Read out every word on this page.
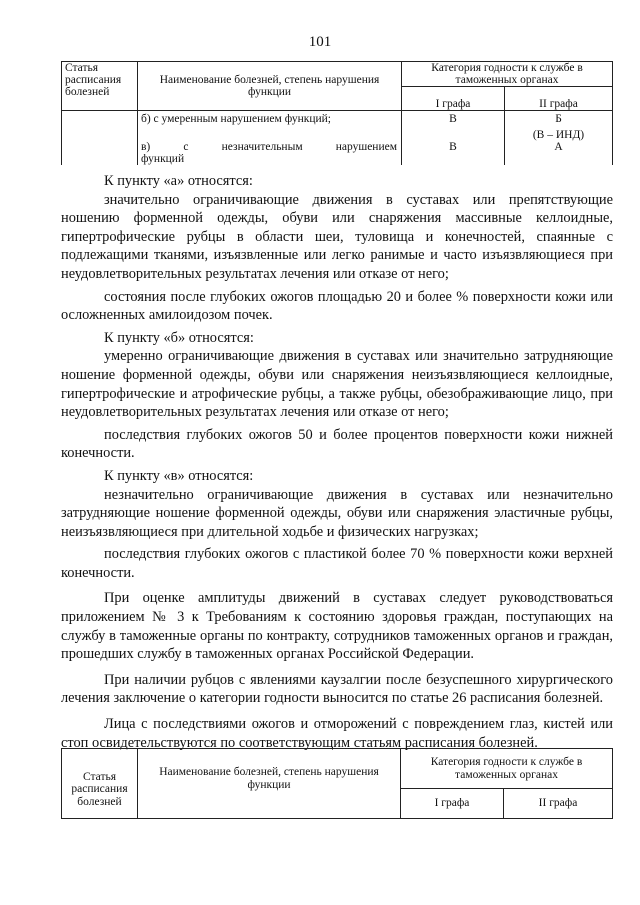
101
Статья расписания болезней	Наименование болезней, степень нарушения функции	Категория годности к службе в таможенных органах	
		I графа	II графа
	б) с умеренным нарушением функций;	В	Б
(В – ИНД)

	в) с незначительным нарушением функций	В	А

К пункту «а» относятся:

значительно ограничивающие движения в суставах или препятствующие ношению форменной одежды, обуви или снаряжения массивные келлоидные, гипертрофические рубцы в области шеи, туловища и конечностей, спаянные с подлежащими тканями, изъязвленные или легко ранимые и часто изъязвляющиеся при неудовлетворительных результатах лечения или отказе от него;

состояния после глубоких ожогов площадью 20 и более % поверхности кожи или осложненных амилоидозом почек.

К пункту «б» относятся:

умеренно ограничивающие движения в суставах или значительно затрудняющие ношение форменной одежды, обуви или снаряжения неизъязвляющиеся келлоидные, гипертрофические и атрофические рубцы, а также рубцы, обезображивающие лицо, при неудовлетворительных результатах лечения или отказе от него;

последствия глубоких ожогов 50 и более процентов поверхности кожи нижней конечности.

К пункту «в» относятся:

незначительно ограничивающие движения в суставах или незначительно затрудняющие ношение форменной одежды, обуви или снаряжения эластичные рубцы, неизъязвляющиеся при длительной ходьбе и физических нагрузках;

последствия глубоких ожогов с пластикой более 70 % поверхности кожи верхней конечности.

При оценке амплитуды движений в суставах следует руководствоваться приложением № 3 к Требованиям к состоянию здоровья граждан, поступающих на службу в таможенные органы по контракту, сотрудников таможенных органов и граждан, прошедших службу в таможенных органах Российской Федерации.

При наличии рубцов с явлениями каузалгии после безуспешного хирургического лечения заключение о категории годности выносится по статье 26 расписания болезней.

Лица с последствиями ожогов и отморожений с повреждением глаз, кистей или стоп освидетельствуются по соответствующим статьям расписания болезней.

Статья расписания болезней	Наименование болезней, степень нарушения функции	Категория годности к службе в таможенных органах	
		I графа	II графа
